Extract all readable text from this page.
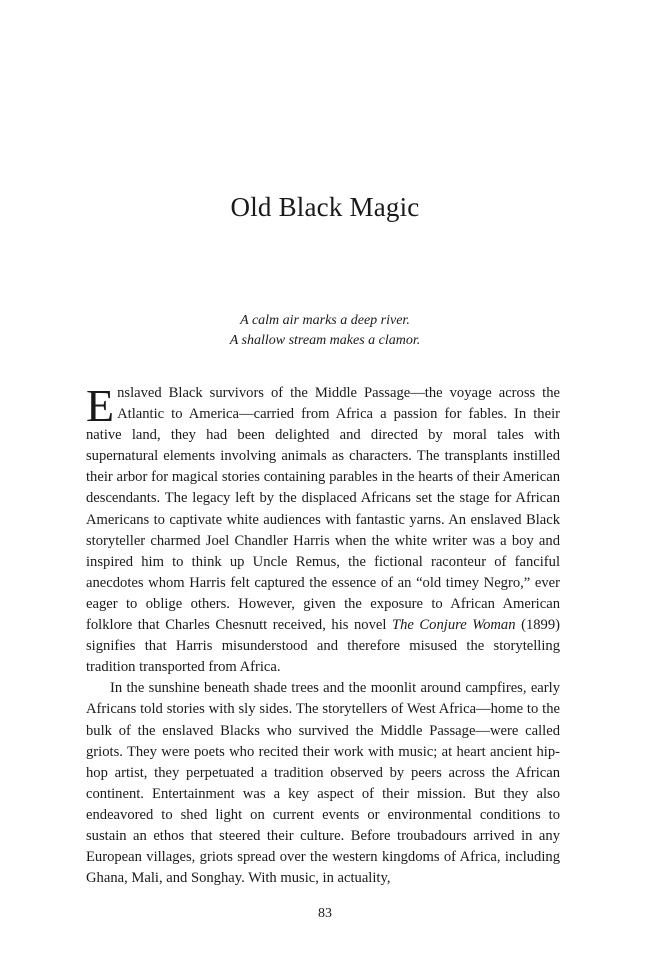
Old Black Magic
A calm air marks a deep river.
A shallow stream makes a clamor.

Enslaved Black survivors of the Middle Passage—the voyage across the Atlantic to America—carried from Africa a passion for fables. In their native land, they had been delighted and directed by moral tales with supernatural elements involving animals as characters. The transplants instilled their arbor for magical stories containing parables in the hearts of their American descendants. The legacy left by the displaced Africans set the stage for African Americans to captivate white audiences with fantastic yarns. An enslaved Black storyteller charmed Joel Chandler Harris when the white writer was a boy and inspired him to think up Uncle Remus, the fictional raconteur of fanciful anecdotes whom Harris felt captured the essence of an “old timey Negro,” ever eager to oblige others. However, given the exposure to African American folklore that Charles Chesnutt received, his novel The Conjure Woman (1899) signifies that Harris misunderstood and therefore misused the storytelling tradition transported from Africa.

In the sunshine beneath shade trees and the moonlit around campfires, early Africans told stories with sly sides. The storytellers of West Africa—home to the bulk of the enslaved Blacks who survived the Middle Passage—were called griots. They were poets who recited their work with music; at heart ancient hip-hop artist, they perpetuated a tradition observed by peers across the African continent. Entertainment was a key aspect of their mission. But they also endeavored to shed light on current events or environmental conditions to sustain an ethos that steered their culture. Before troubadours arrived in any European villages, griots spread over the western kingdoms of Africa, including Ghana, Mali, and Songhay. With music, in actuality,

83
